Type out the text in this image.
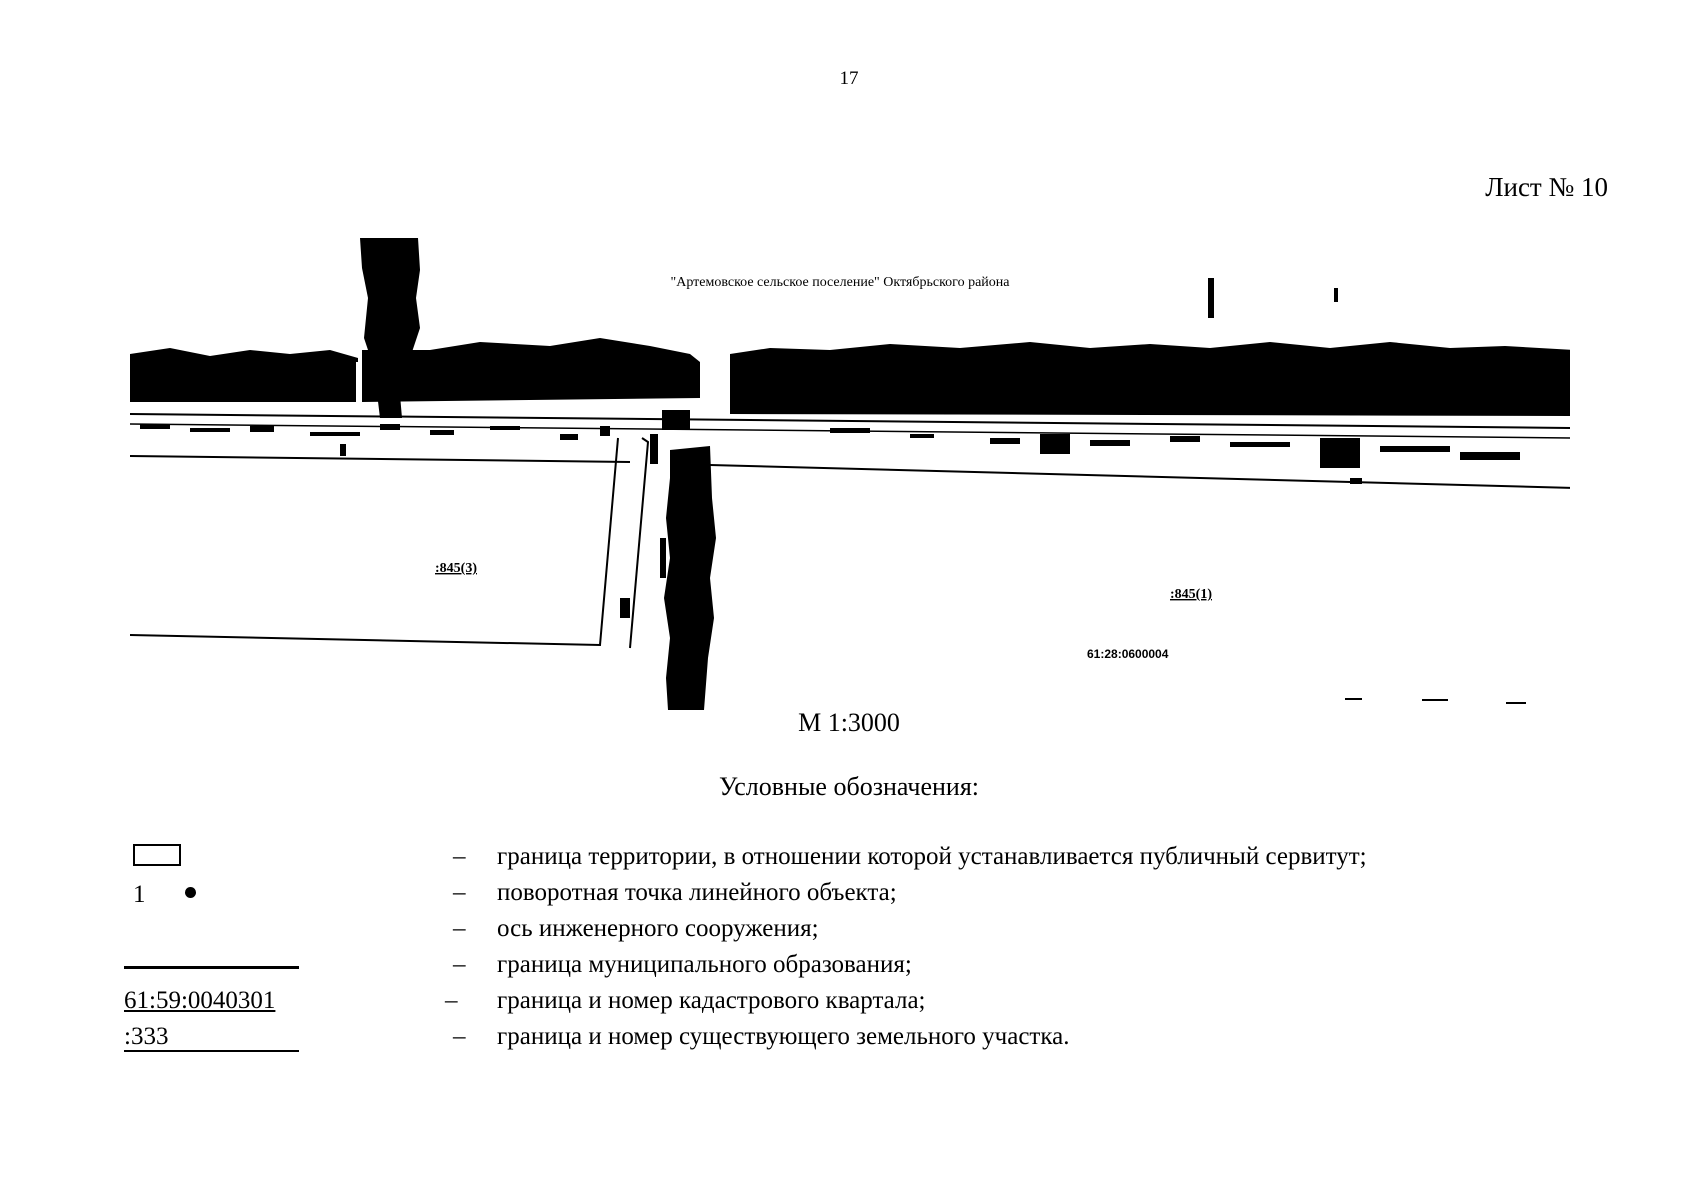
17
Лист № 10
"Артемовское сельское поселение" Октябрьского района
:845(3)
:845(1)
61:28:0600004
М 1:3000
Условные обозначения:
– граница территории, в отношении которой устанавливается публичный сервитут;
1	– поворотная точка линейного объекта;
– ось инженерного сооружения;
– граница муниципального образования;
61:59:0040301	– граница и номер кадастрового квартала;
:333	– граница и номер существующего земельного участка.
